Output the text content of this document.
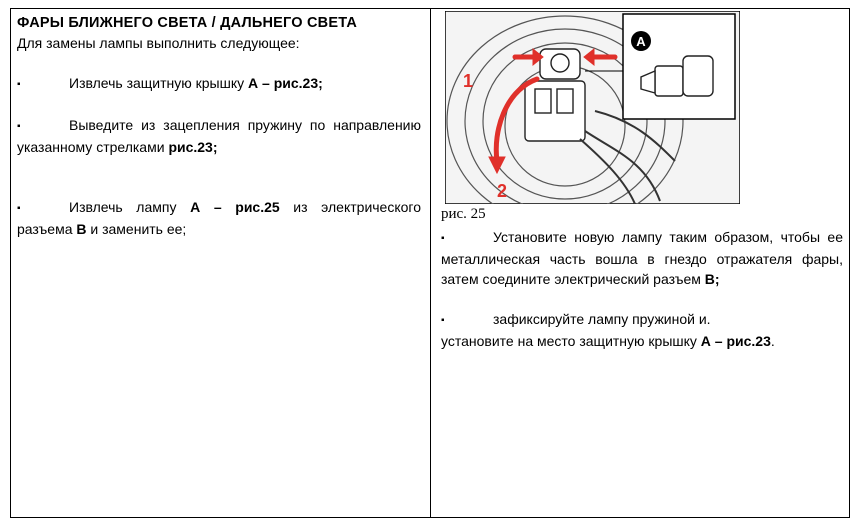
ФАРЫ БЛИЖНЕГО СВЕТА / ДАЛЬНЕГО СВЕТА
Для замены лампы выполнить следующее:
▪	Извлечь защитную крышку А – рис.23;
▪	Выведите из зацепления пружину по направлению указанному стрелками рис.23;
▪	Извлечь лампу А – рис.25 из электрического разъема В и заменить ее;
A
1
2
рис. 25
▪	Установите новую лампу таким образом, чтобы ее металлическая часть вошла в гнездо отражателя фары, затем соедините электрический разъем В;
▪	зафиксируйте лампу пружиной и.
установите на место защитную крышку А – рис.23.
